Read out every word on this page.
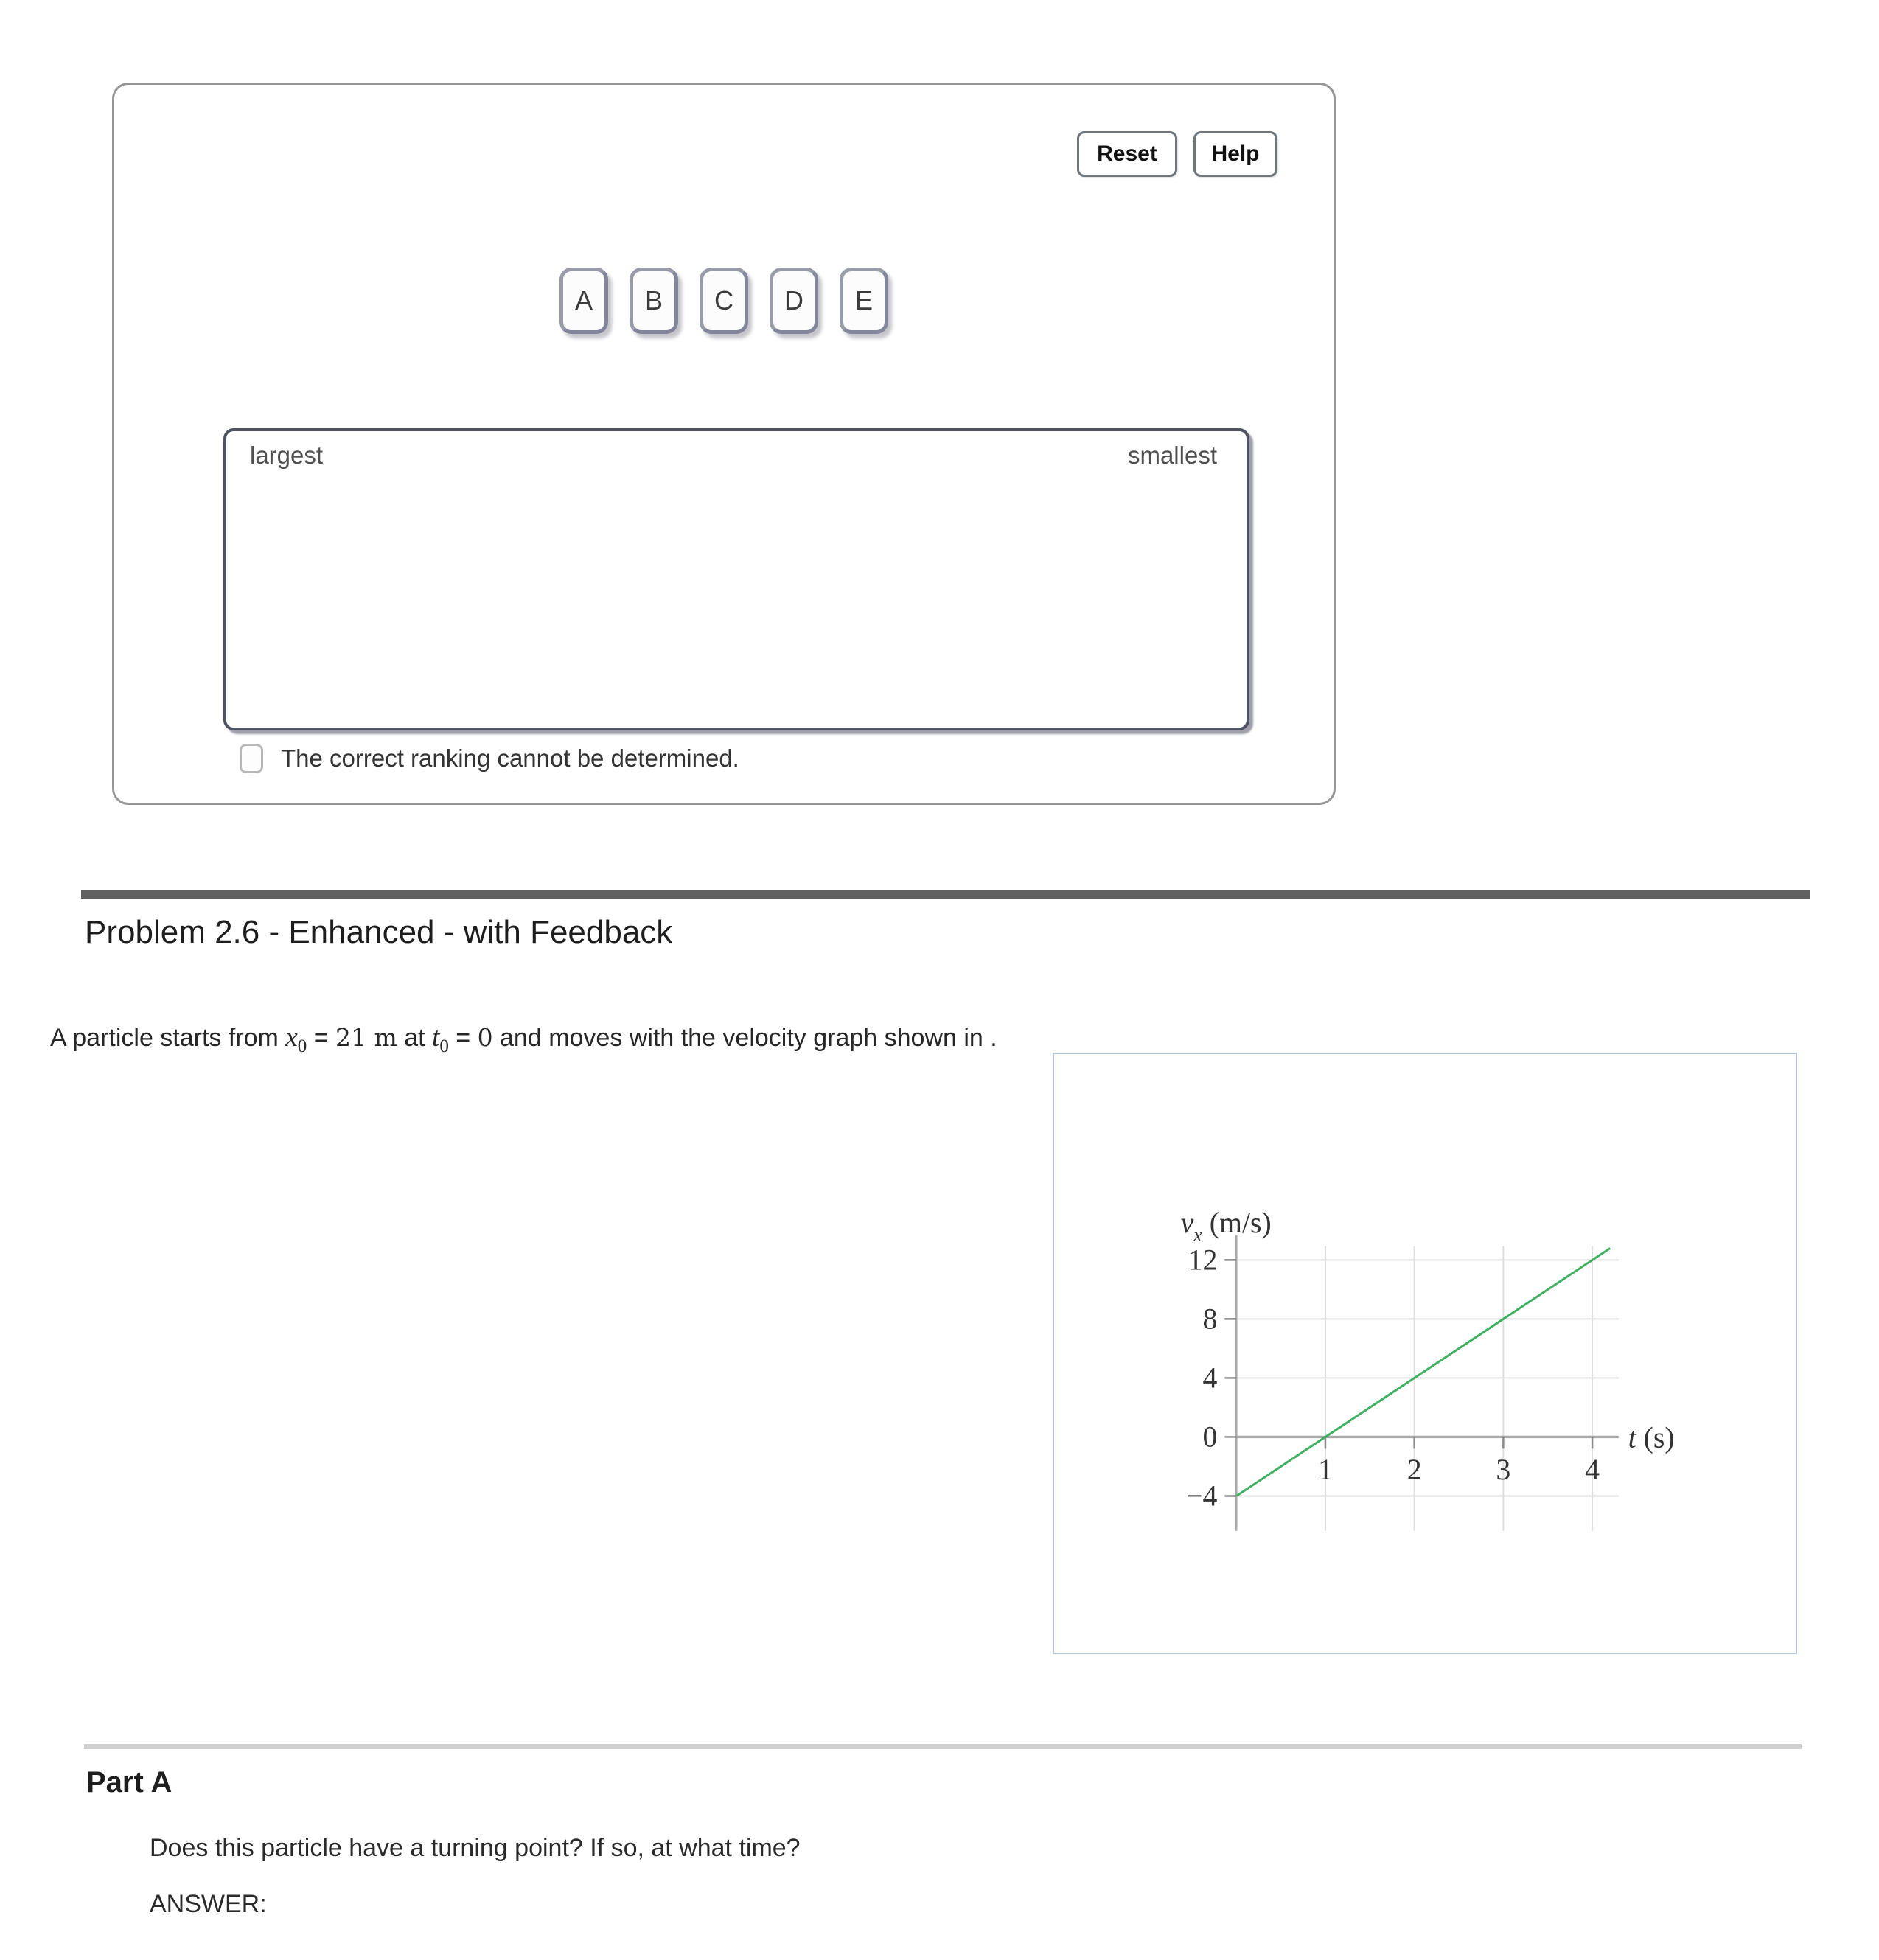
Reset	Help
A	B	C	D	E
largest	smallest
The correct ranking cannot be determined.
Problem 2.6 - Enhanced - with Feedback

A particle starts from $x_0 = 21$ m at $t_0 = 0$ and moves with the velocity graph shown in .

1	2	3	4
12
8
4
0
−4
$v_x$ (m/s)
t (s)
Part A
Does this particle have a turning point? If so, at what time?
ANSWER:
